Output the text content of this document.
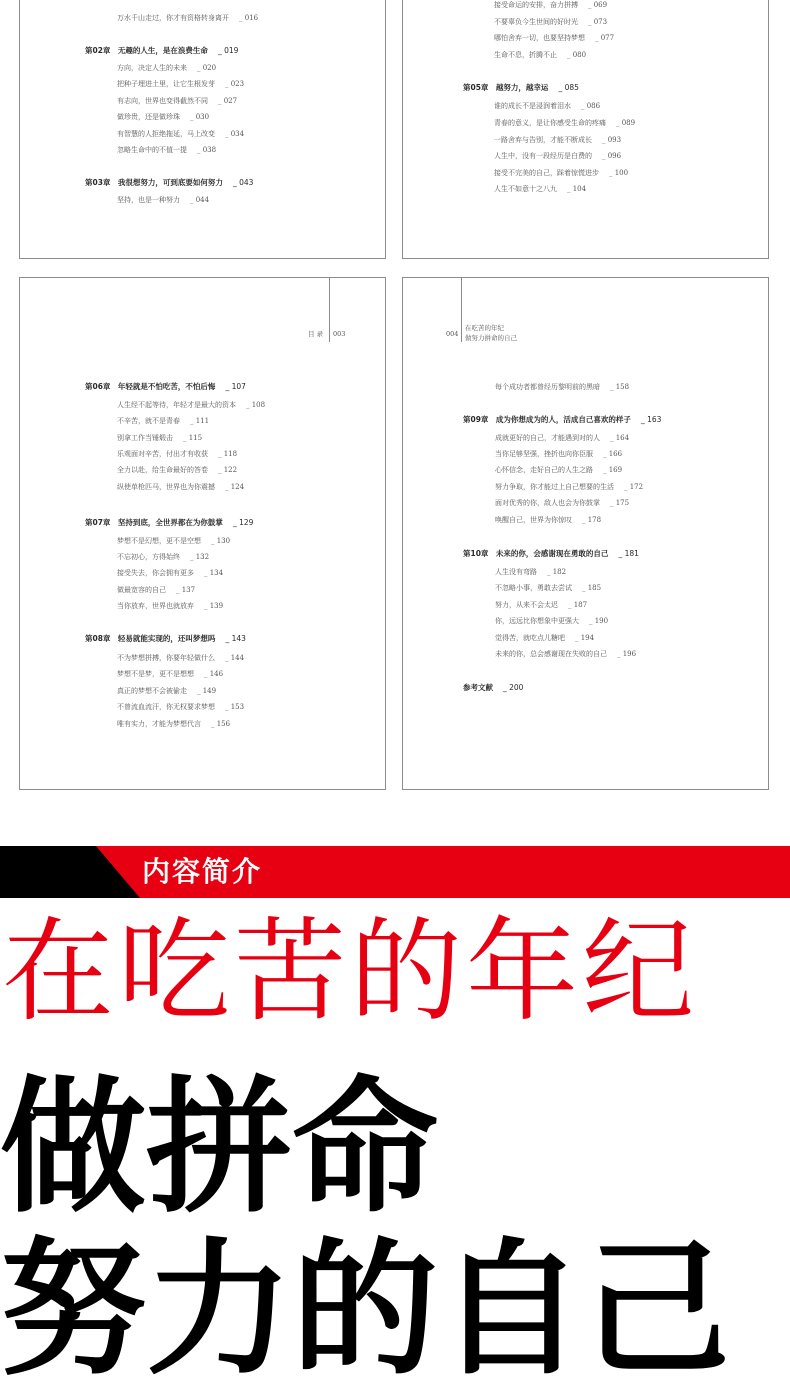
万水千山走过，你才有资格转身离开 _ 016
第02章　无趣的人生，是在浪费生命 _ 019
方向，决定人生的未来 _ 020
把种子埋进土里，让它生根发芽 _ 023
有志向，世界也变得截然不同 _ 027
做珍贵，还是做珍珠 _ 030
有智慧的人拒绝拖延，马上改变 _ 034
忽略生命中的不值一提 _ 038
第03章　我很想努力，可到底要如何努力 _ 043
坚持，也是一种努力 _ 044
接受命运的安排，奋力拼搏 _ 069
不要辜负今生世间的好时光 _ 073
哪怕舍弃一切，也要坚持梦想 _ 077
生命不息，折腾不止 _ 080
第05章　越努力，越幸运 _ 085
谁的成长不是浸润着泪水 _ 086
青春的意义，是让你感受生命的疼痛 _ 089
一路舍弃与告别，才能不断成长 _ 093
人生中，没有一段经历是白费的 _ 096
接受不完美的自己，踩着惊慌进步 _ 100
人生不如意十之八九 _ 104
目 录 003
第06章　年轻就是不怕吃苦，不怕后悔 _ 107
人生经不起等待，年轻才是最大的资本 _ 108
不辛苦，就不是青春 _ 111
别拿工作当锤煅击 _ 115
乐观面对辛苦，付出才有收获 _ 118
全力以赴，给生命最好的答卷 _ 122
纵使单枪匹马，世界也为你震撼 _ 124
第07章　坚持到底，全世界都在为你鼓掌 _ 129
梦想不是幻想，更不是空想 _ 130
不忘初心，方得始终 _ 132
接受失去，你会拥有更多 _ 134
做最宽容的自己 _ 137
当你放弃，世界也就放弃 _ 139
第08章　轻易就能实现的，还叫梦想吗 _ 143
不为梦想拼搏，你要年轻做什么 _ 144
梦想不是梦，更不是想想 _ 146
真正的梦想不会被偷走 _ 149
不曾流血流汗，你无权要求梦想 _ 153
唯有实力，才能为梦想代言 _ 156
004
在吃苦的年纪
做努力拼命的自己
每个成功者都曾经历黎明前的黑暗 _ 158
第09章　成为你想成为的人，活成自己喜欢的样子 _ 163
成就更好的自己，才能遇到对的人 _ 164
当你足够坚强，挫折也向你臣服 _ 166
心怀信念，走好自己的人生之路 _ 169
努力争取，你才能过上自己想要的生活 _ 172
面对优秀的你，敌人也会为你鼓掌 _ 175
唤醒自己，世界为你惊叹 _ 178
第10章　未来的你，会感谢现在勇敢的自己 _ 181
人生没有弯路 _ 182
不忽略小事，勇敢去尝试 _ 185
努力，从来不会太迟 _ 187
你，远远比你想象中更强大 _ 190
觉得苦，就吃点儿糖吧 _ 194
未来的你，总会感谢现在失败的自己 _ 196
参考文献 _ 200
内容简介
在吃苦的年纪
做拼命
努力的自己
